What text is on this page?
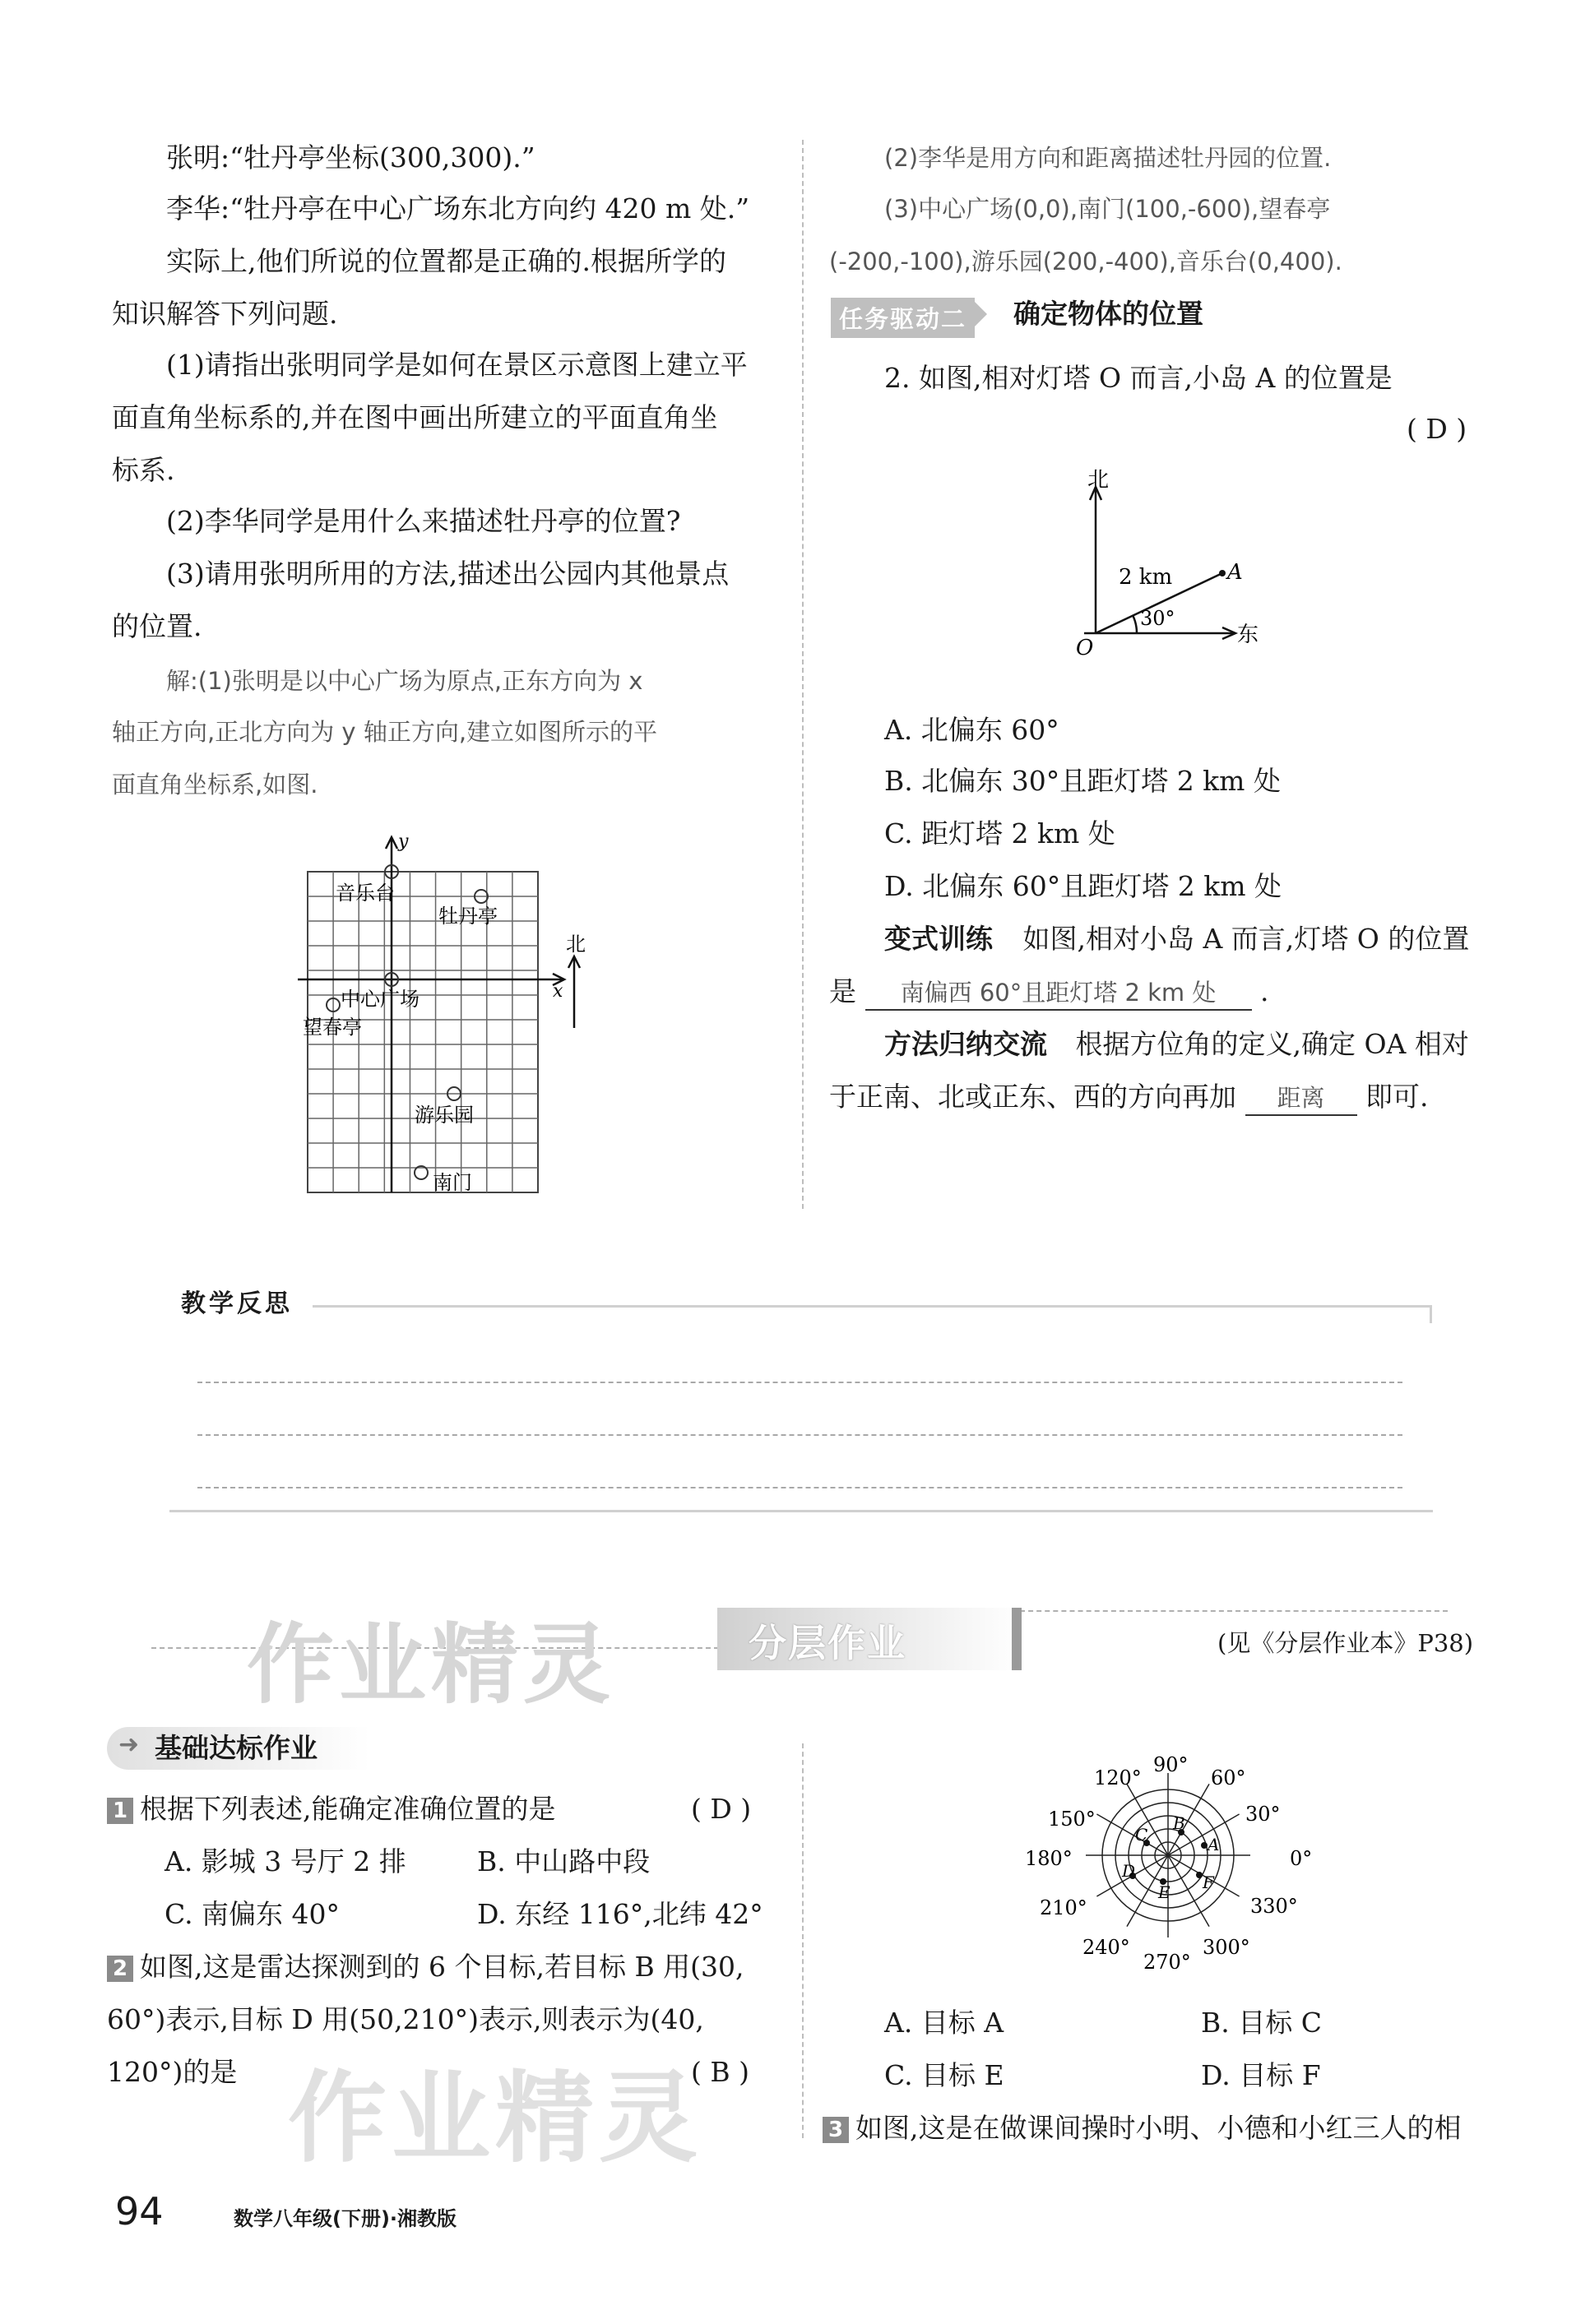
张明:“牡丹亭坐标(300,300).”
李华:“牡丹亭在中心广场东北方向约 420 m 处.”
实际上,他们所说的位置都是正确的.根据所学的
知识解答下列问题.
(1)请指出张明同学是如何在景区示意图上建立平
面直角坐标系的,并在图中画出所建立的平面直角坐
标系.
(2)李华同学是用什么来描述牡丹亭的位置?
(3)请用张明所用的方法,描述出公园内其他景点
的位置.
解:(1)张明是以中心广场为原点,正东方向为 x
轴正方向,正北方向为 y 轴正方向,建立如图所示的平
面直角坐标系,如图.
y
x
北
音乐台
牡丹亭
中心广场
望春亭
游乐园
南门
(2)李华是用方向和距离描述牡丹园的位置.
(3)中心广场(0,0),南门(100,-600),望春亭
(-200,-100),游乐园(200,-400),音乐台(0,400).
任务驱动二	确定物体的位置
2. 如图,相对灯塔 O 而言,小岛 A 的位置是
( D )
北
东
2 km
30°
O
A
A. 北偏东 60°
B. 北偏东 30°且距灯塔 2 km 处
C. 距灯塔 2 km 处
D. 北偏东 60°且距灯塔 2 km 处
变式训练 如图,相对小岛 A 而言,灯塔 O 的位置
是 南偏西 60°且距灯塔 2 km 处 .
方法归纳交流 根据方位角的定义,确定 OA 相对
于正南、北或正东、西的方向再加 距离 即可.
教学反思
作业精灵	分层作业	(见《分层作业本》P38)
➜ 基础达标作业
1 根据下列表述,能确定准确位置的是	( D )
A. 影城 3 号厅 2 排	B. 中山路中段
C. 南偏东 40°	D. 东经 116°,北纬 42°
2 如图,这是雷达探测到的 6 个目标,若目标 B 用(30,
60°)表示,目标 D 用(50,210°)表示,则表示为(40,
120°)的是	( B )
0°
30°
60°
90°
120°
150°
180°
210°
240°
270°
300°
330°
A
B
C
D
E F
A. 目标 A	B. 目标 C
C. 目标 E	D. 目标 F
3 如图,这是在做课间操时小明、小德和小红三人的相
作业精灵
94	数学八年级(下册)·湘教版
